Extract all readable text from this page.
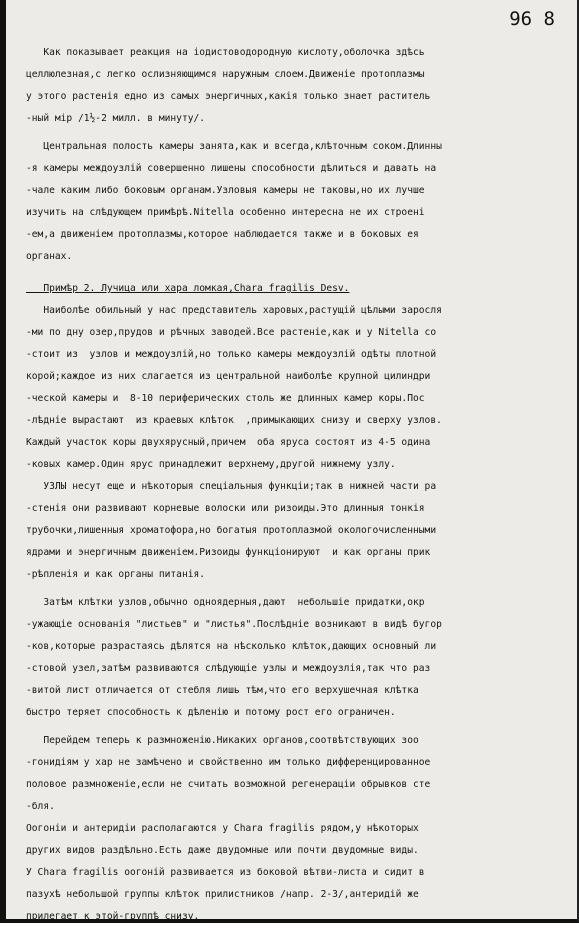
96 8
Как показывает реакция на іодистоводородную кислоту,оболочка здѣсь
целлюлезная,с легко ослизняющимся наружным слоем.Движеніе протоплазмы
у этого растенія едно из самых энергичных,какія только знает раститель
-ный мір /1½-2 милл. в минуту/.
Центральная полость камеры занята,как и всегда,клѣточным соком.Длинны
-я камеры междоузлій совершенно лишены способности дѣлиться и давать на
-чале каким либо боковым органам.Узловыя камеры не таковы,но их лучше
изучить на слѣдующем примѣрѣ.Nitella особенно интересна не их строені
-ем,а движеніем протоплазмы,которое наблюдается также и в боковых ея
органах.
Примѣр 2. Лучица или хара ломкая,Chara fragilis Desv.
Наиболѣе обильный у нас представитель харовых,растущій цѣлыми заросля
-ми по дну озер,прудов и рѣчных заводей.Все растеніе,как и у Nitella со
-стоит из  узлов и междоузлій,но только камеры междоузлій одѣты плотной
корой;каждое из них слагается из центральной наиболѣе крупной цилиндри
-ческой камеры и  8-10 периферических столь же длинных камер коры.Пос
-лѣдніе вырастают  из краевых клѣток  ,примыкающих снизу и сверху узлов.
Каждый участок коры двухярусный,причем  оба яруса состоят из 4-5 одина
-ковых камер.Один ярус принадлежит верхнему,другой нижнему узлу.
УЗЛЫ несут еще и нѣкоторыя спеціальныя функціи;так в нижней части ра
-стенія они развивают корневые волоски или ризоиды.Это длинныя тонкія
трубочки,лишенныя хроматофора,но богатыя протоплазмой окологочисленными
ядрами и энергичным движеніем.Ризоиды функціонируют  и как органы прик
-рѣпленія и как органы питанія.
Затѣм клѣтки узлов,обычно одноядерныя,дают  небольшіе придатки,окр
-ужающіе основанія "листьев" и "листья".Послѣдніе возникают в видѣ бугор
-ков,которые разрастаясь дѣлятся на нѣсколько клѣток,дающих основный ли
-стовой узел,затѣм развиваются слѣдующіе узлы и междоузлія,так что раз
-витой лист отличается от стебля лишь тѣм,что его верхушечная клѣтка
быстро теряет способность к дѣленію и потому рост его ограничен.
Перейдем теперь к размноженію.Никаких органов,соотвѣтствующих зоо
-гонидіям у хар не замѣчено и свойственно им только дифференцированное
половое размноженіе,если не считать возможной регенераціи обрывков сте
-бля.
Оогоніи и антеридіи располагаются у Chara fragilis рядом,у нѣкоторых
других видов раздѣльно.Есть даже двудомные или почти двудомные виды.
У Chara fragilis оогоній развивается из боковой вѣтви-листа и сидит в
пазухѣ небольшой группы клѣток прилистников /напр. 2-3/,антеридій же
прилегает к этой-группѣ снизу.
